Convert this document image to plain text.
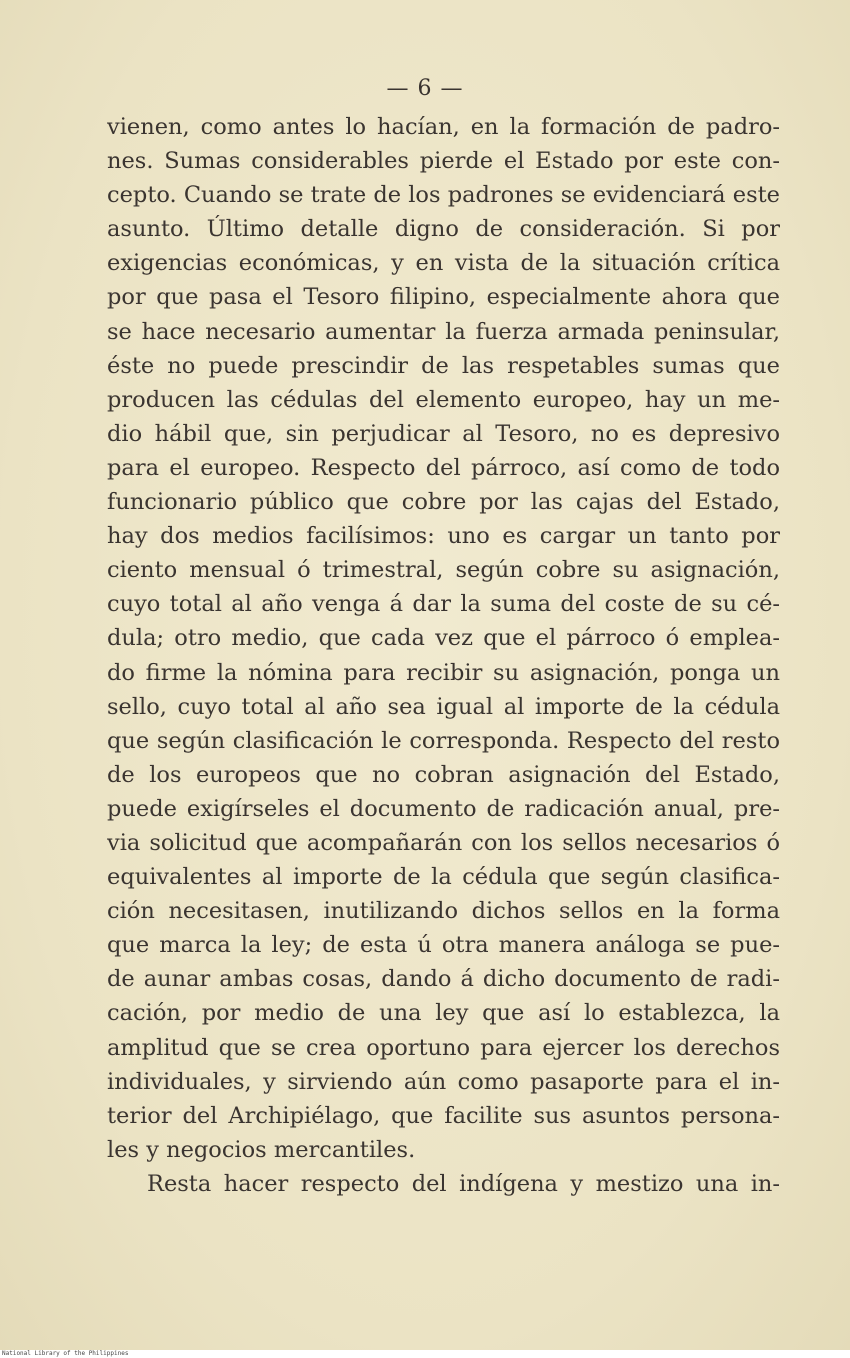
— 6 —
vienen, como antes lo hacían, en la formación de padro-
nes. Sumas considerables pierde el Estado por este con-
cepto. Cuando se trate de los padrones se evidenciará este
asunto. Último detalle digno de consideración. Si por
exigencias económicas, y en vista de la situación crítica
por que pasa el Tesoro filipino, especialmente ahora que
se hace necesario aumentar la fuerza armada peninsular,
éste no puede prescindir de las respetables sumas que
producen las cédulas del elemento europeo, hay un me-
dio hábil que, sin perjudicar al Tesoro, no es depresivo
para el europeo. Respecto del párroco, así como de todo
funcionario público que cobre por las cajas del Estado,
hay dos medios facilísimos: uno es cargar un tanto por
ciento mensual ó trimestral, según cobre su asignación,
cuyo total al año venga á dar la suma del coste de su cé-
dula; otro medio, que cada vez que el párroco ó emplea-
do firme la nómina para recibir su asignación, ponga un
sello, cuyo total al año sea igual al importe de la cédula
que según clasificación le corresponda. Respecto del resto
de los europeos que no cobran asignación del Estado,
puede exigírseles el documento de radicación anual, pre-
via solicitud que acompañarán con los sellos necesarios ó
equivalentes al importe de la cédula que según clasifica-
ción necesitasen, inutilizando dichos sellos en la forma
que marca la ley; de esta ú otra manera análoga se pue-
de aunar ambas cosas, dando á dicho documento de radi-
cación, por medio de una ley que así lo establezca, la
amplitud que se crea oportuno para ejercer los derechos
individuales, y sirviendo aún como pasaporte para el in-
terior del Archipiélago, que facilite sus asuntos persona-
les y negocios mercantiles.
Resta hacer respecto del indígena y mestizo una in-
National Library of the Philippines
